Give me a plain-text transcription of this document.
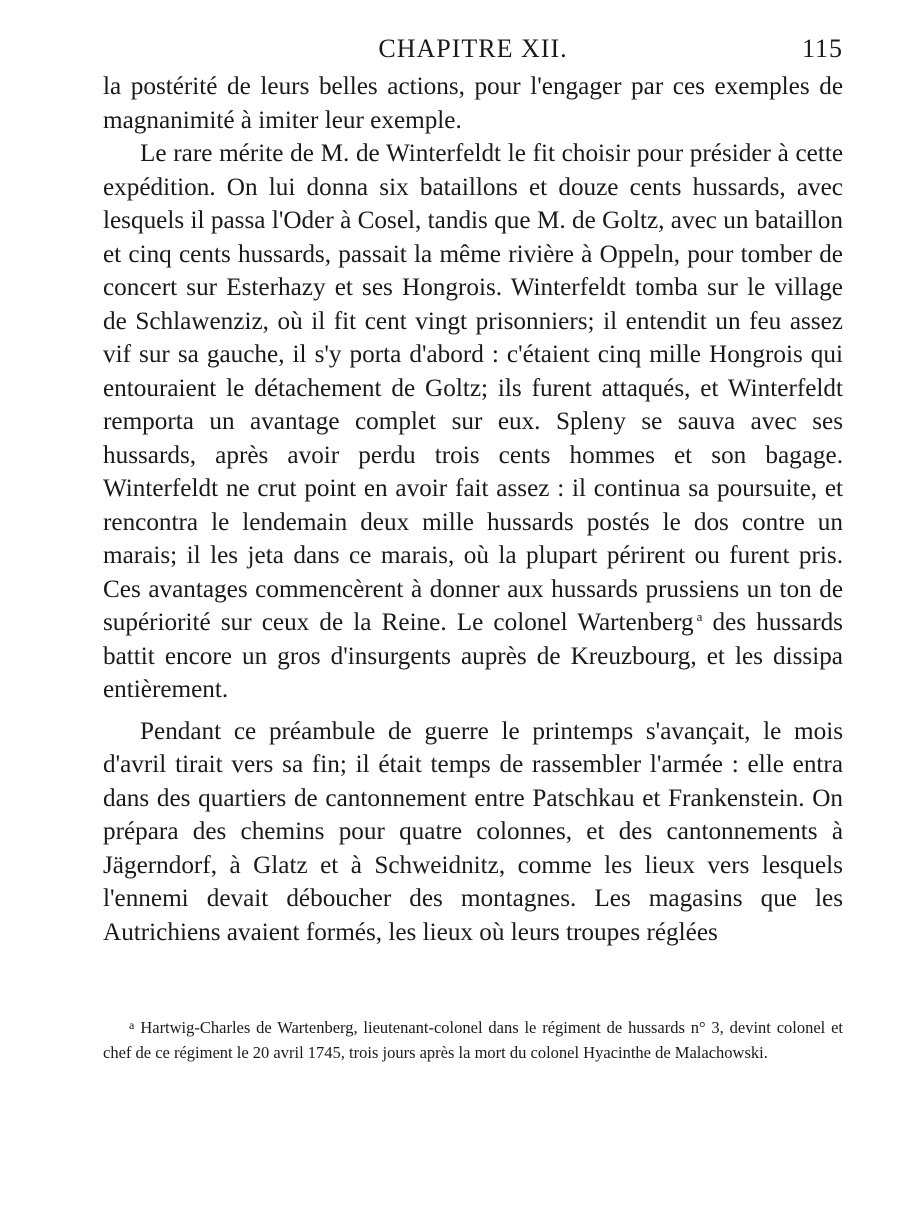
CHAPITRE XII.	115

la postérité de leurs belles actions, pour l'engager par ces exemples de magnanimité à imiter leur exemple.

Le rare mérite de M. de Winterfeldt le fit choisir pour présider à cette expédition. On lui donna six bataillons et douze cents hussards, avec lesquels il passa l'Oder à Cosel, tandis que M. de Goltz, avec un bataillon et cinq cents hussards, passait la même rivière à Oppeln, pour tomber de concert sur Esterhazy et ses Hongrois. Winterfeldt tomba sur le village de Schlawenziz, où il fit cent vingt prisonniers; il entendit un feu assez vif sur sa gauche, il s'y porta d'abord : c'étaient cinq mille Hongrois qui entouraient le détachement de Goltz; ils furent attaqués, et Winterfeldt remporta un avantage complet sur eux. Spleny se sauva avec ses hussards, après avoir perdu trois cents hommes et son bagage. Winterfeldt ne crut point en avoir fait assez : il continua sa poursuite, et rencontra le lendemain deux mille hussards postés le dos contre un marais; il les jeta dans ce marais, où la plupart périrent ou furent pris. Ces avantages commencèrent à donner aux hussards prussiens un ton de supériorité sur ceux de la Reine. Le colonel Wartenberg $^a$ des hussards battit encore un gros d'insurgents auprès de Kreuzbourg, et les dissipa entièrement.

Pendant ce préambule de guerre le printemps s'avançait, le mois d'avril tirait vers sa fin; il était temps de rassembler l'armée : elle entra dans des quartiers de cantonnement entre Patschkau et Frankenstein. On prépara des chemins pour quatre colonnes, et des cantonnements à Jägerndorf, à Glatz et à Schweidnitz, comme les lieux vers lesquels l'ennemi devait déboucher des montagnes. Les magasins que les Autrichiens avaient formés, les lieux où leurs troupes réglées

$^a$ Hartwig-Charles de Wartenberg, lieutenant-colonel dans le régiment de hussards n° 3, devint colonel et chef de ce régiment le 20 avril 1745, trois jours après la mort du colonel Hyacinthe de Malachowski.
